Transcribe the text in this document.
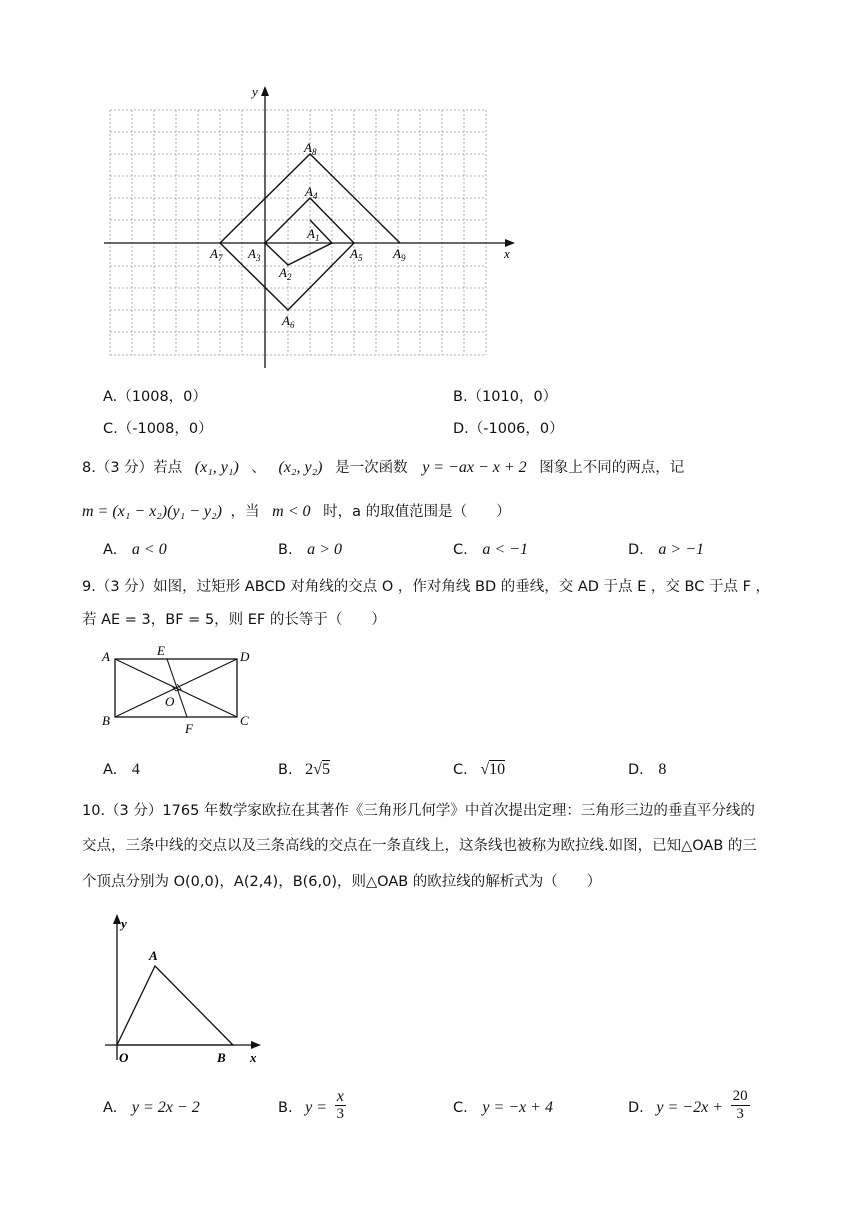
y
x
$A_1$
$A_2$
$A_3$
$A_4$
$A_5$
$A_6$
$A_7$
$A_8$
$A_9$
A.（1008，0）	B.（1010，0）
C.（-1008，0）	D.（-1006，0）
8.（3 分）若点 (x₁, y₁) 、 (x₂, y₂) 是一次函数 y = −ax − x + 2 图象上不同的两点，记
m = (x₁ − x₂)(y₁ − y₂) ，当 m < 0 时，a 的取值范围是（　　）
A. a < 0	B. a > 0	C. a < −1	D. a > −1
9.（3 分）如图，过矩形 ABCD 对角线的交点 O ，作对角线 BD 的垂线，交 AD 于点 E ，交 BC 于点 F ，
若 AE = 3，BF = 5，则 EF 的长等于（　　）
A	D
B	C
E
F
O
A. 4	B. 2√5	C. √10	D. 8
10.（3 分）1765 年数学家欧拉在其著作《三角形几何学》中首次提出定理：三角形三边的垂直平分线的
交点，三条中线的交点以及三条高线的交点在一条直线上，这条线也被称为欧拉线.如图，已知△OAB 的三
个顶点分别为 O(0,0)，A(2,4)，B(6,0)，则△OAB 的欧拉线的解析式为（　　）
y
x
A
O	B
A. y = 2x − 2	B. $y = \frac{x}{3}$	C. y = −x + 4	D. $y = -2x + \frac{20}{3}$
